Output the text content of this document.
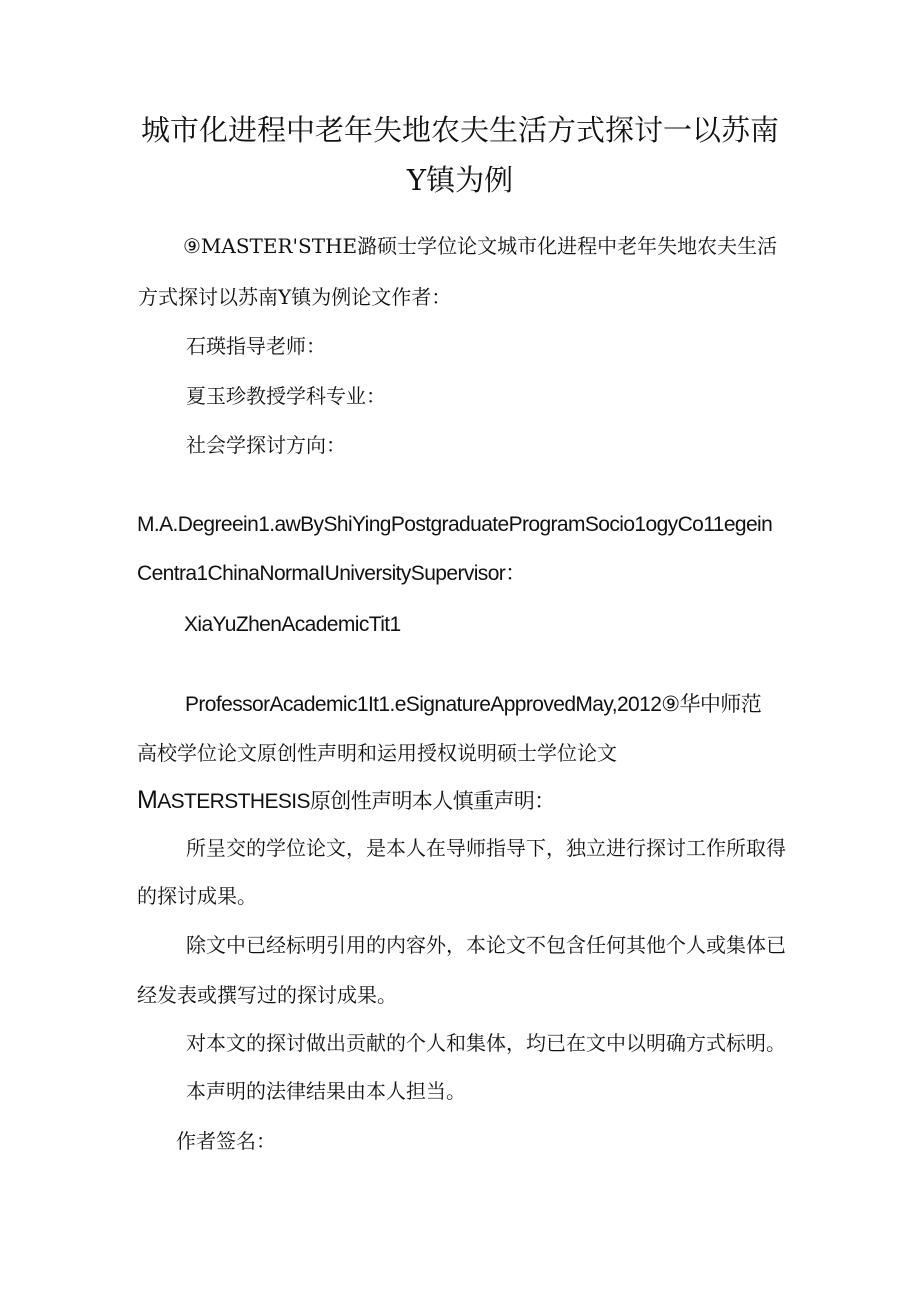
城市化进程中老年失地农夫生活方式探讨一以苏南
Y镇为例
⑨MASTER'STHE潞硕士学位论文城市化进程中老年失地农夫生活
方式探讨以苏南Y镇为例论文作者：
石瑛指导老师：
夏玉珍教授学科专业：
社会学探讨方向：
M.A.Degreein1.awByShiYingPostgraduateProgramSocio1ogyCo11egein
Centra1ChinaNormaIUniversitySupervisor：
XiaYuZhenAcademicTit1
ProfessorAcademic1It1.eSignatureApprovedMay,2012⑨华中师范
高校学位论文原创性声明和运用授权说明硕士学位论文
MASTERSTHESIS原创性声明本人慎重声明：
所呈交的学位论文，是本人在导师指导下，独立进行探讨工作所取得
的探讨成果。
除文中已经标明引用的内容外，本论文不包含任何其他个人或集体已
经发表或撰写过的探讨成果。
对本文的探讨做出贡献的个人和集体，均已在文中以明确方式标明。
本声明的法律结果由本人担当。
作者签名：
